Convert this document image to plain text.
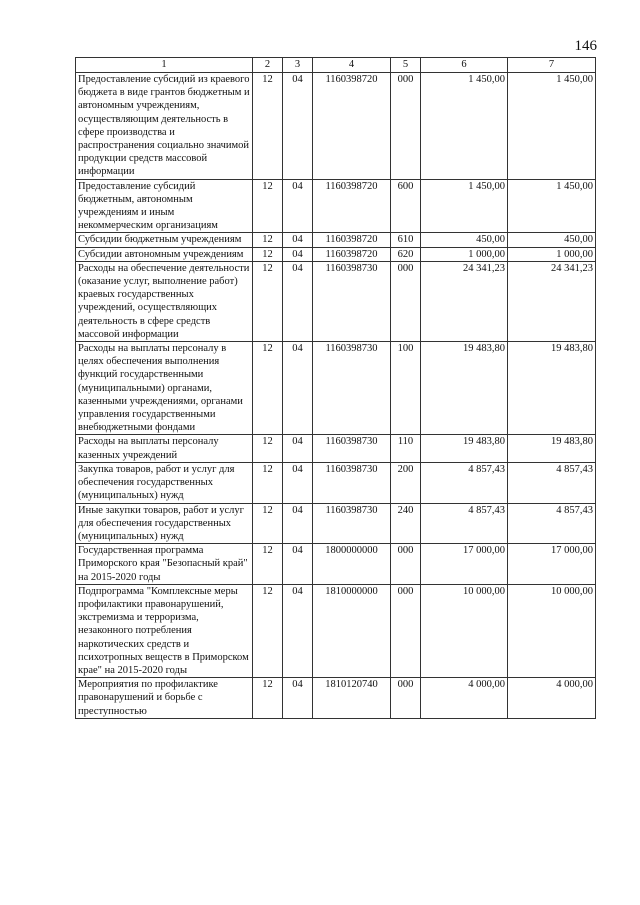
146
1	2	3	4	5	6	7
Предоставление субсидий из краевого бюджета в виде грантов бюджетным и автономным учреждениям, осуществляющим деятельность в сфере производства и распространения социально значимой продукции средств массовой информации	12	04	1160398720	000	1 450,00	1 450,00
Предоставление субсидий бюджетным, автономным учреждениям и иным некоммерческим организациям	12	04	1160398720	600	1 450,00	1 450,00
Субсидии бюджетным учреждениям	12	04	1160398720	610	450,00	450,00
Субсидии автономным учреждениям	12	04	1160398720	620	1 000,00	1 000,00
Расходы на обеспечение деятельности (оказание услуг, выполнение работ) краевых государственных учреждений, осуществляющих деятельность в сфере средств массовой информации	12	04	1160398730	000	24 341,23	24 341,23
Расходы на выплаты персоналу в целях обеспечения выполнения функций государственными (муниципальными) органами, казенными учреждениями, органами управления государственными внебюджетными фондами	12	04	1160398730	100	19 483,80	19 483,80
Расходы на выплаты персоналу казенных учреждений	12	04	1160398730	110	19 483,80	19 483,80
Закупка товаров, работ и услуг для обеспечения государственных (муниципальных) нужд	12	04	1160398730	200	4 857,43	4 857,43
Иные закупки товаров, работ и услуг для обеспечения государственных (муниципальных) нужд	12	04	1160398730	240	4 857,43	4 857,43
Государственная программа Приморского края "Безопасный край" на 2015-2020 годы	12	04	1800000000	000	17 000,00	17 000,00
Подпрограмма "Комплексные меры профилактики правонарушений, экстремизма и терроризма, незаконного потребления наркотических средств и психотропных веществ в Приморском крае" на 2015-2020 годы	12	04	1810000000	000	10 000,00	10 000,00
Мероприятия по профилактике правонарушений и борьбе с преступностью	12	04	1810120740	000	4 000,00	4 000,00
